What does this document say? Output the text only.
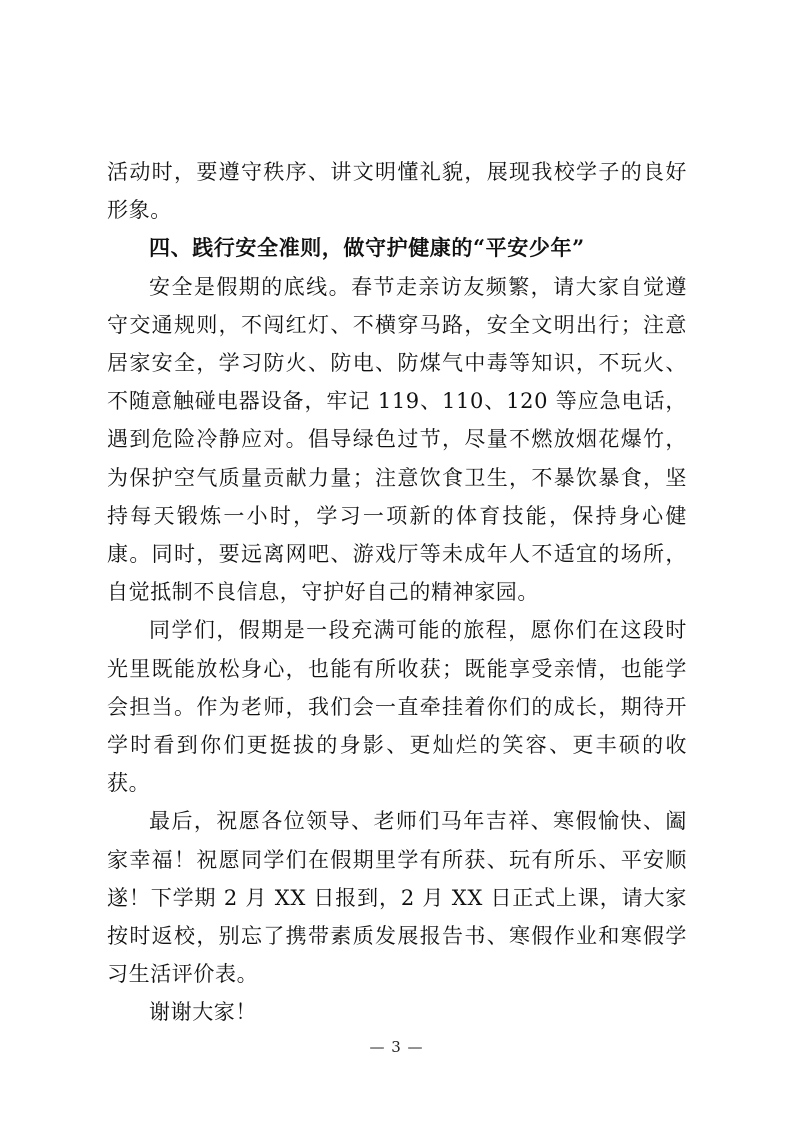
活动时，要遵守秩序、讲文明懂礼貌，展现我校学子的良好形象。

四、践行安全准则，做守护健康的“平安少年”

安全是假期的底线。春节走亲访友频繁，请大家自觉遵守交通规则，不闯红灯、不横穿马路，安全文明出行；注意居家安全，学习防火、防电、防煤气中毒等知识，不玩火、不随意触碰电器设备，牢记 119、110、120 等应急电话，遇到危险冷静应对。倡导绿色过节，尽量不燃放烟花爆竹，为保护空气质量贡献力量；注意饮食卫生，不暴饮暴食，坚持每天锻炼一小时，学习一项新的体育技能，保持身心健康。同时，要远离网吧、游戏厅等未成年人不适宜的场所，自觉抵制不良信息，守护好自己的精神家园。

同学们，假期是一段充满可能的旅程，愿你们在这段时光里既能放松身心，也能有所收获；既能享受亲情，也能学会担当。作为老师，我们会一直牵挂着你们的成长，期待开学时看到你们更挺拔的身影、更灿烂的笑容、更丰硕的收获。

最后，祝愿各位领导、老师们马年吉祥、寒假愉快、阖家幸福！祝愿同学们在假期里学有所获、玩有所乐、平安顺遂！下学期 2 月 XX 日报到，2 月 XX 日正式上课，请大家按时返校，别忘了携带素质发展报告书、寒假作业和寒假学习生活评价表。

谢谢大家！

— 3 —
